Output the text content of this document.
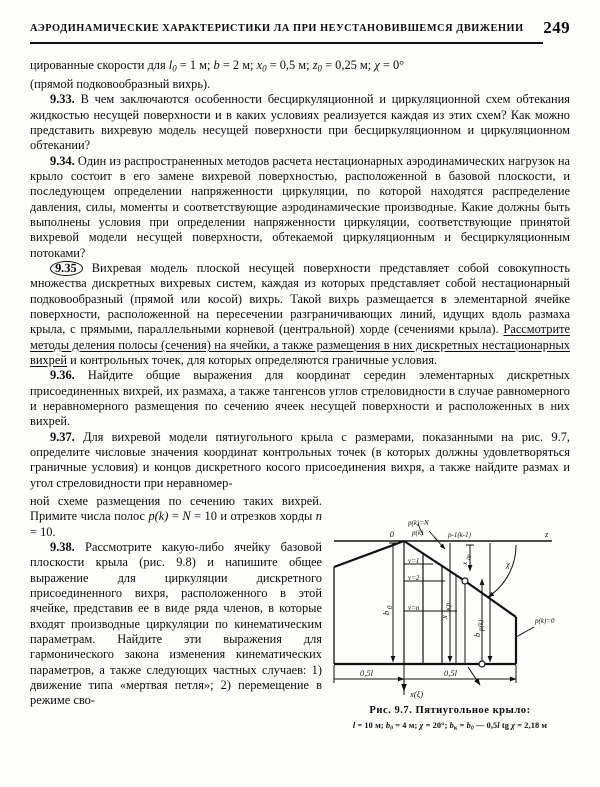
АЭРОДИНАМИЧЕСКИЕ ХАРАКТЕРИСТИКИ ЛА ПРИ НЕУСТАНОВИВШЕМСЯ ДВИЖЕНИИ 249

цированные скорости для $l_0 = 1$ м; b = 2 м; $x_0 = 0,5$ м; $z_0 = 0,25$ м; χ = 0°
(прямой подковообразный вихрь).

9.33. В чем заключаются особенности бесциркуляционной и циркуляционной схем обтекания жидкостью несущей поверхности и в каких условиях реализуется каждая из этих схем? Как можно представить вихревую модель несущей поверхности при бесциркуляционном и циркуляционном обтекании?

9.34. Один из распространенных методов расчета нестационарных аэродинамических нагрузок на крыло состоит в его замене вихревой поверхностью, расположенной в базовой плоскости, и последующем определении напряженности циркуляции, по которой находятся распределение давления, силы, моменты и соответствующие аэродинамические производные. Какие должны быть выполнены условия при определении напряженности циркуляции, соответствующие принятой вихревой модели несущей поверхности, обтекаемой циркуляционным и бесциркуляционным потоками?

9.35 Вихревая модель плоской несущей поверхности представляет собой совокупность множества дискретных вихревых систем, каждая из которых представляет собой нестационарный подковообразный (прямой или косой) вихрь. Такой вихрь размещается в элементарной ячейке поверхности, расположенной на пересечении разграничивающих линий, идущих вдоль размаха крыла, с прямыми, параллельными корневой (центральной) хорде (сечениями крыла). Рассмотрите методы деления полосы (сечения) на ячейки, а также размещения в них дискретных нестационарных вихрей и контрольных точек, для которых определяются граничные условия.

9.36. Найдите общие выражения для координат середин элементарных дискретных присоединенных вихрей, их размаха, а также тангенсов углов стреловидности в случае равномерного и неравномерного размещения по сечению ячеек несущей поверхности и расположенных в них вихрей.

9.37. Для вихревой модели пятиугольного крыла с размерами, показанными на рис. 9.7, определите числовые значения координат контрольных точек (в которых должны удовлетворяться граничные условия) и концов дискретного косого присоединения вихря, а также найдите размах и угол стреловидности при неравномер-

ной схеме размещения по сечению таких вихрей. Примите числа полос p(k) = N = 10 и отрезков хорды n = 10.

9.38. Рассмотрите какую-либо ячейку базовой плоскости крыла (рис. 9.8) и напишите общее выражение для циркуляции дискретного присоединенного вихря, расположенного в этой ячейке, представив ее в виде ряда членов, в которые входят производные циркуляции по кинематическим параметрам. Найдите эти выражения для гармонического закона изменения кинематических параметров, а также следующих частных случаев: 1) движение типа «мертвая петля»; 2) перемещение в режиме сво-

0	z
p(k)=N
p(k)	p-1(k-1)
ν=1
ν=2
ν=n
b
0
x
жр
x
др
b
p(k)
χ
p(k)=0
0,5l	0,5l
x(ξ)
Рис. 9.7. Пятиугольное крыло:
l = 10 м; $b_0 = 4$ м; χ = 20°; $b_к = b_0$ — 0,5l tg χ = 2,18 м
